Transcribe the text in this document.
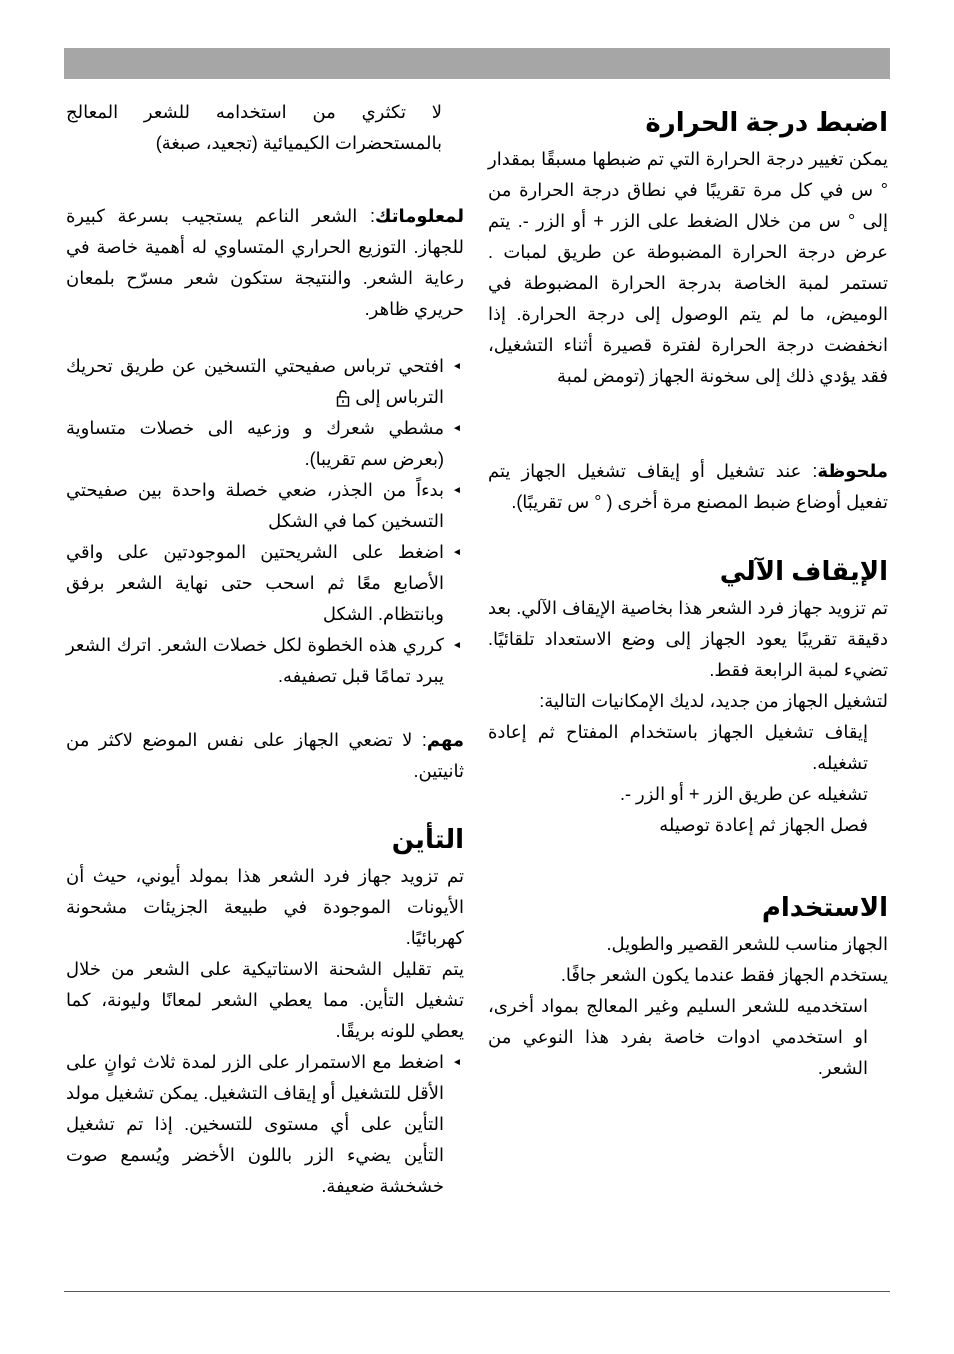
اضبط درجة الحرارة

يمكن تغيير درجة الحرارة التي تم ضبطها مسبقًا بمقدار ° س في كل مرة تقريبًا في نطاق درجة الحرارة من إلى ° س من خلال الضغط على الزر + أو الزر -. يتم عرض درجة الحرارة المضبوطة عن طريق لمبات . تستمر لمبة الخاصة بدرجة الحرارة المضبوطة في الوميض، ما لم يتم الوصول إلى درجة الحرارة. إذا انخفضت درجة الحرارة لفترة قصيرة أثناء التشغيل، فقد يؤدي ذلك إلى سخونة الجهاز (تومض لمبة

ملحوظة: عند تشغيل أو إيقاف تشغيل الجهاز يتم تفعيل أوضاع ضبط المصنع مرة أخرى ( ° س تقريبًا).

الإيقاف الآلي

تم تزويد جهاز فرد الشعر هذا بخاصية الإيقاف الآلي. بعد دقيقة تقريبًا يعود الجهاز إلى وضع الاستعداد تلقائيًا. تضيء لمبة الرابعة فقط.

لتشغيل الجهاز من جديد، لديك الإمكانيات التالية:

إيقاف تشغيل الجهاز باستخدام المفتاح ثم إعادة تشغيله.

تشغيله عن طريق الزر + أو الزر -.

فصل الجهاز ثم إعادة توصيله

الاستخدام

الجهاز مناسب للشعر القصير والطويل.

يستخدم الجهاز فقط عندما يكون الشعر جافًا.

استخدميه للشعر السليم وغير المعالج بمواد أخرى، او استخدمي ادوات خاصة بفرد هذا النوعي من الشعر.

لا تكثري من استخدامه للشعر المعالج بالمستحضرات الكيميائية (تجعيد، صبغة)

لمعلوماتك: الشعر الناعم يستجيب بسرعة كبيرة للجهاز. التوزيع الحراري المتساوي له أهمية خاصة في رعاية الشعر. والنتيجة ستكون شعر مسرّح بلمعان حريري ظاهر.

◄
افتحي ترباس صفيحتي التسخين عن طريق تحريك الترباس إلى
◄
مشطي شعرك و وزعيه الى خصلات متساوية (بعرض سم تقريبا).
◄
بدءاً من الجذر، ضعي خصلة واحدة بين صفيحتي التسخين كما في الشكل
◄
اضغط على الشريحتين الموجودتين على واقي الأصابع معًا ثم اسحب حتى نهاية الشعر برفق وبانتظام. الشكل
◄
كرري هذه الخطوة لكل خصلات الشعر. اترك الشعر يبرد تمامًا قبل تصفيفه.

مهم: لا تضعي الجهاز على نفس الموضع لاكثر من ثانيتين.

التأين

تم تزويد جهاز فرد الشعر هذا بمولد أيوني، حيث أن الأيونات الموجودة في طبيعة الجزيئات مشحونة كهربائيًا.

يتم تقليل الشحنة الاستاتيكية على الشعر من خلال تشغيل التأين. مما يعطي الشعر لمعانًا وليونة، كما يعطي للونه بريقًا.

◄
اضغط مع الاستمرار على الزر لمدة ثلاث ثوانٍ على الأقل للتشغيل أو إيقاف التشغيل. يمكن تشغيل مولد التأين على أي مستوى للتسخين. إذا تم تشغيل التأين يضيء الزر باللون الأخضر ويُسمع صوت خشخشة ضعيفة.
